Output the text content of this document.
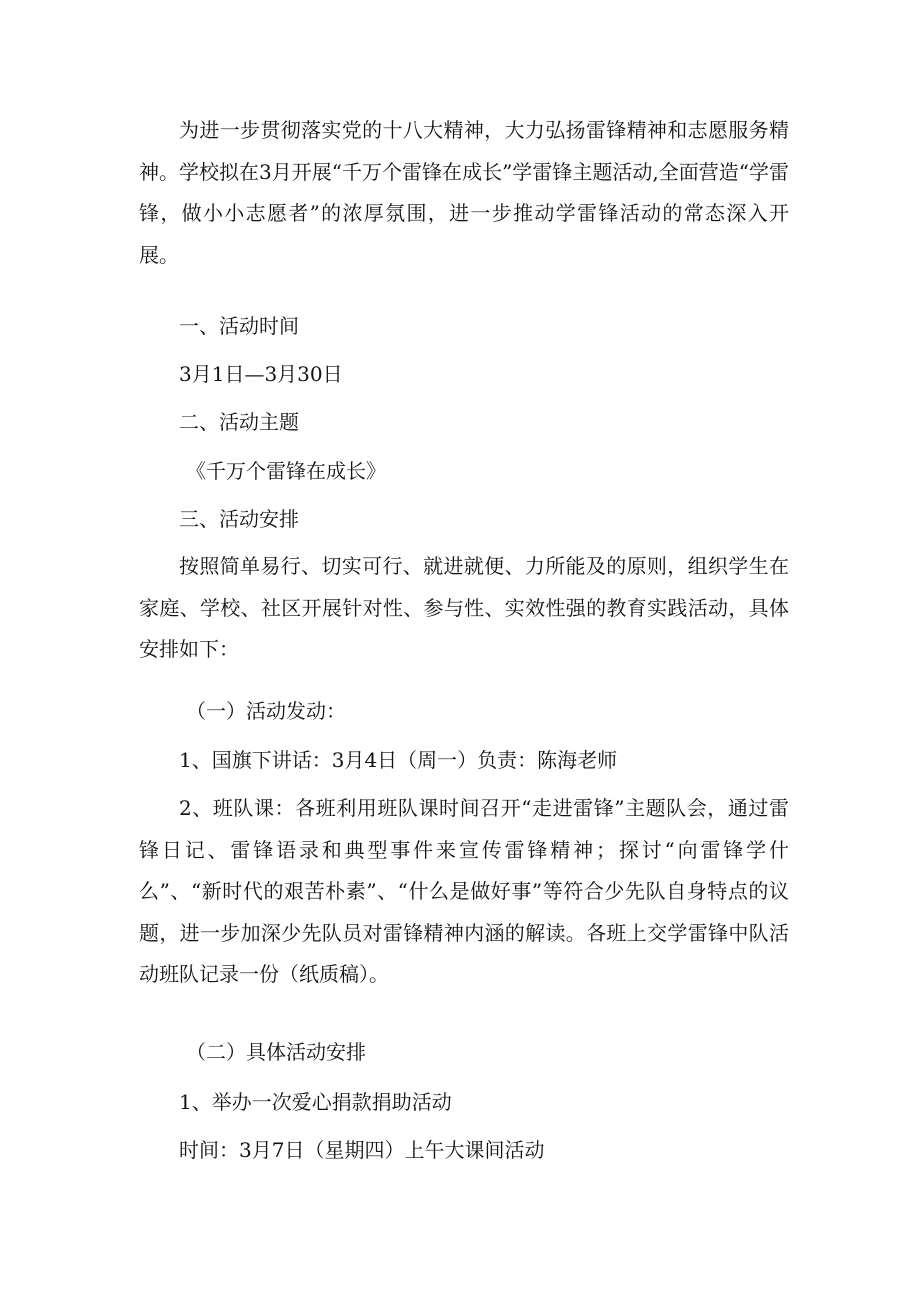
为进一步贯彻落实党的十八大精神，大力弘扬雷锋精神和志愿服务精神。学校拟在3月开展“千万个雷锋在成长”学雷锋主题活动,全面营造“学雷锋，做小小志愿者”的浓厚氛围，进一步推动学雷锋活动的常态深入开展。

一、活动时间

3月1日—3月30日

二、活动主题

《千万个雷锋在成长》

三、活动安排

按照简单易行、切实可行、就进就便、力所能及的原则，组织学生在家庭、学校、社区开展针对性、参与性、实效性强的教育实践活动，具体安排如下：

（一）活动发动：

1、国旗下讲话：3月4日（周一）负责：陈海老师

2、班队课：各班利用班队课时间召开“走进雷锋”主题队会，通过雷锋日记、雷锋语录和典型事件来宣传雷锋精神；探讨“向雷锋学什么”、“新时代的艰苦朴素”、“什么是做好事”等符合少先队自身特点的议题，进一步加深少先队员对雷锋精神内涵的解读。各班上交学雷锋中队活动班队记录一份（纸质稿）。

（二）具体活动安排

1、举办一次爱心捐款捐助活动

时间：3月7日（星期四）上午大课间活动
